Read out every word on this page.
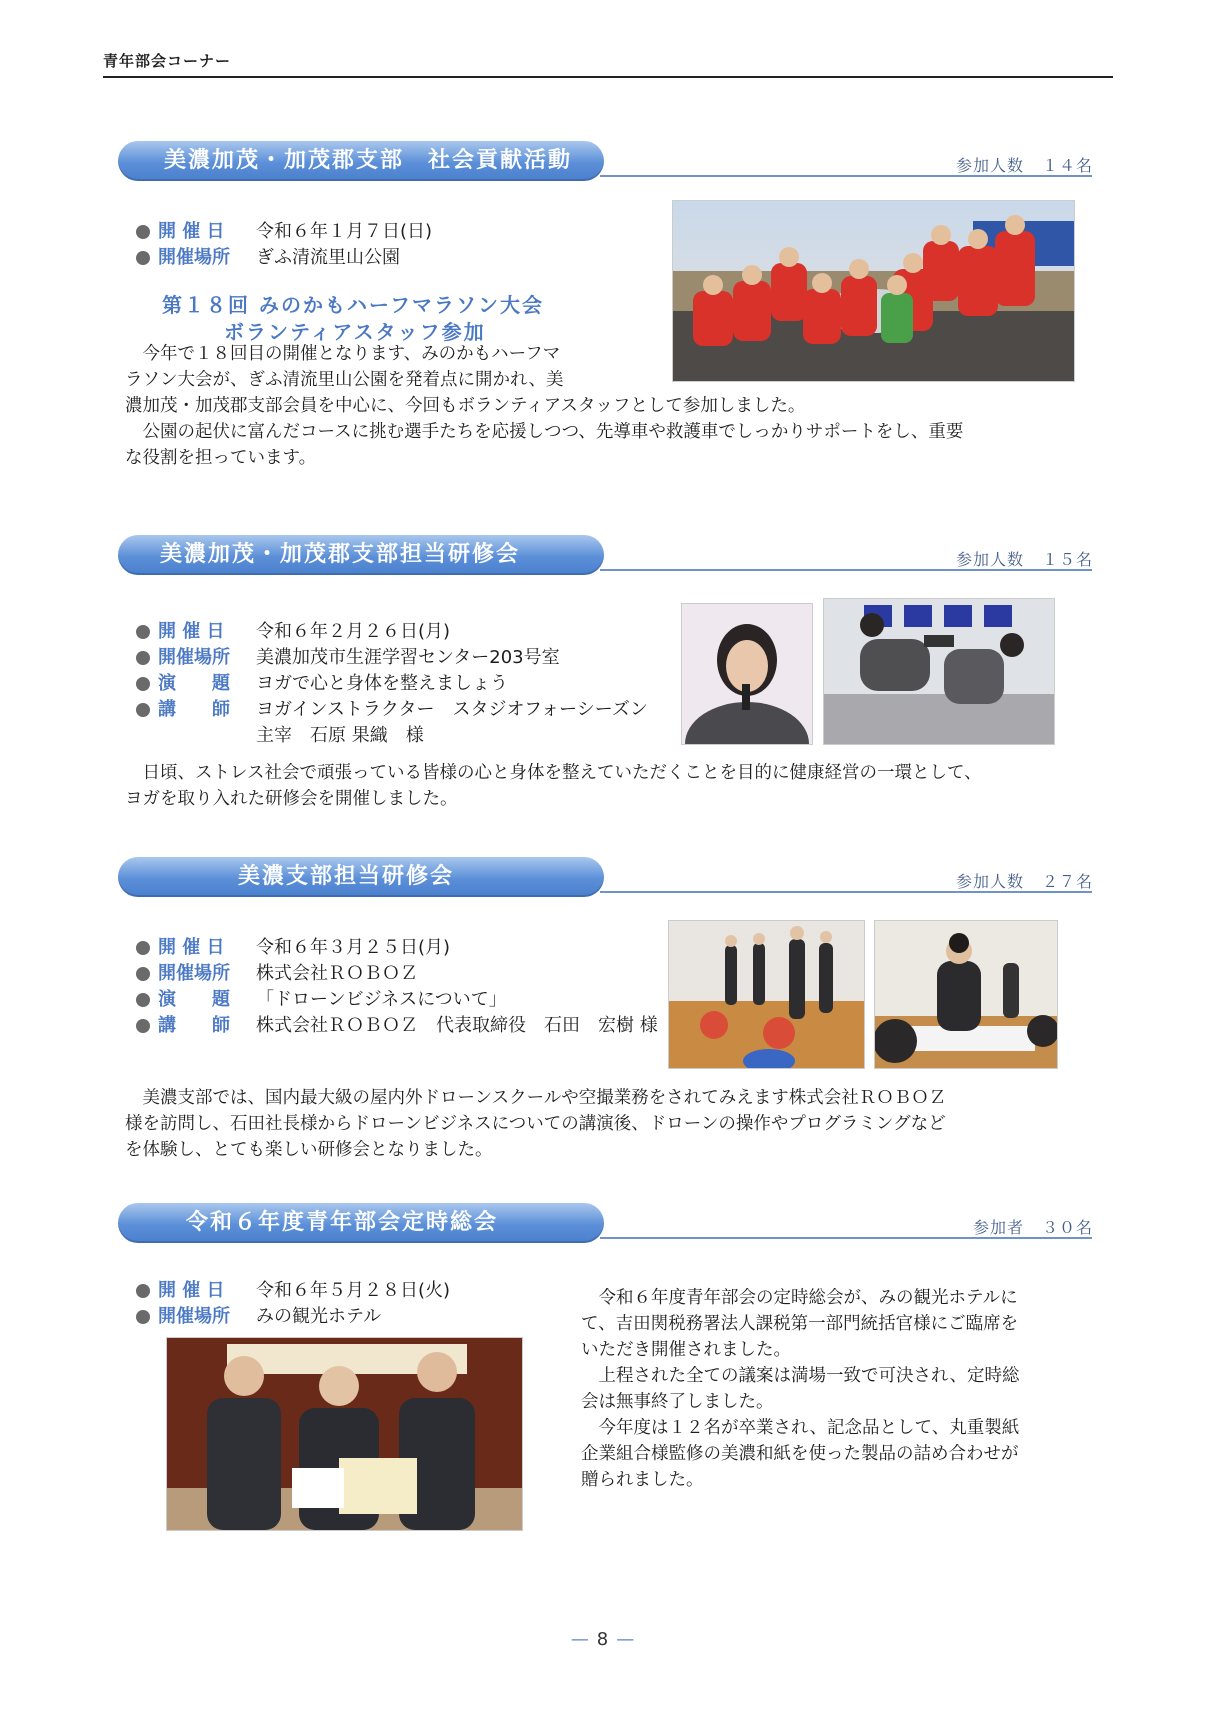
青年部会コーナー
美濃加茂・加茂郡支部　社会貢献活動	参加人数 １４名
開 催 日	令和６年１月７日(日)
開催場所	ぎふ清流里山公園
第１８回 みのかもハーフマラソン大会
ボランティアスタッフ参加
今年で１８回目の開催となります、みのかもハーフマ
ラソン大会が、ぎふ清流里山公園を発着点に開かれ、美
濃加茂・加茂郡支部会員を中心に、今回もボランティアスタッフとして参加しました。
公園の起伏に富んだコースに挑む選手たちを応援しつつ、先導車や救護車でしっかりサポートをし、重要
な役割を担っています。
美濃加茂・加茂郡支部担当研修会	参加人数 １５名
開 催 日	令和６年２月２６日(月)
開催場所	美濃加茂市生涯学習センター203号室
演　　題	ヨガで心と身体を整えましょう
講　　師	ヨガインストラクター　スタジオフォーシーズン
主宰　石原 果織　様
日頃、ストレス社会で頑張っている皆様の心と身体を整えていただくことを目的に健康経営の一環として、
ヨガを取り入れた研修会を開催しました。
美濃支部担当研修会	参加人数 ２７名
開 催 日	令和６年３月２５日(月)
開催場所	株式会社ＲＯＢＯＺ
演　　題	「ドローンビジネスについて」
講　　師	株式会社ＲＯＢＯＺ　代表取締役　石田　宏樹 様
美濃支部では、国内最大級の屋内外ドローンスクールや空撮業務をされてみえます株式会社ＲＯＢＯＺ
様を訪問し、石田社長様からドローンビジネスについての講演後、ドローンの操作やプログラミングなど
を体験し、とても楽しい研修会となりました。
令和６年度青年部会定時総会	参加者 ３０名
開 催 日	令和６年５月２８日(火)
開催場所	みの観光ホテル
令和６年度青年部会の定時総会が、みの観光ホテルに
て、吉田関税務署法人課税第一部門統括官様にご臨席を
いただき開催されました。
上程された全ての議案は満場一致で可決され、定時総
会は無事終了しました。
今年度は１２名が卒業され、記念品として、丸重製紙
企業組合様監修の美濃和紙を使った製品の詰め合わせが
贈られました。
— 8 —
